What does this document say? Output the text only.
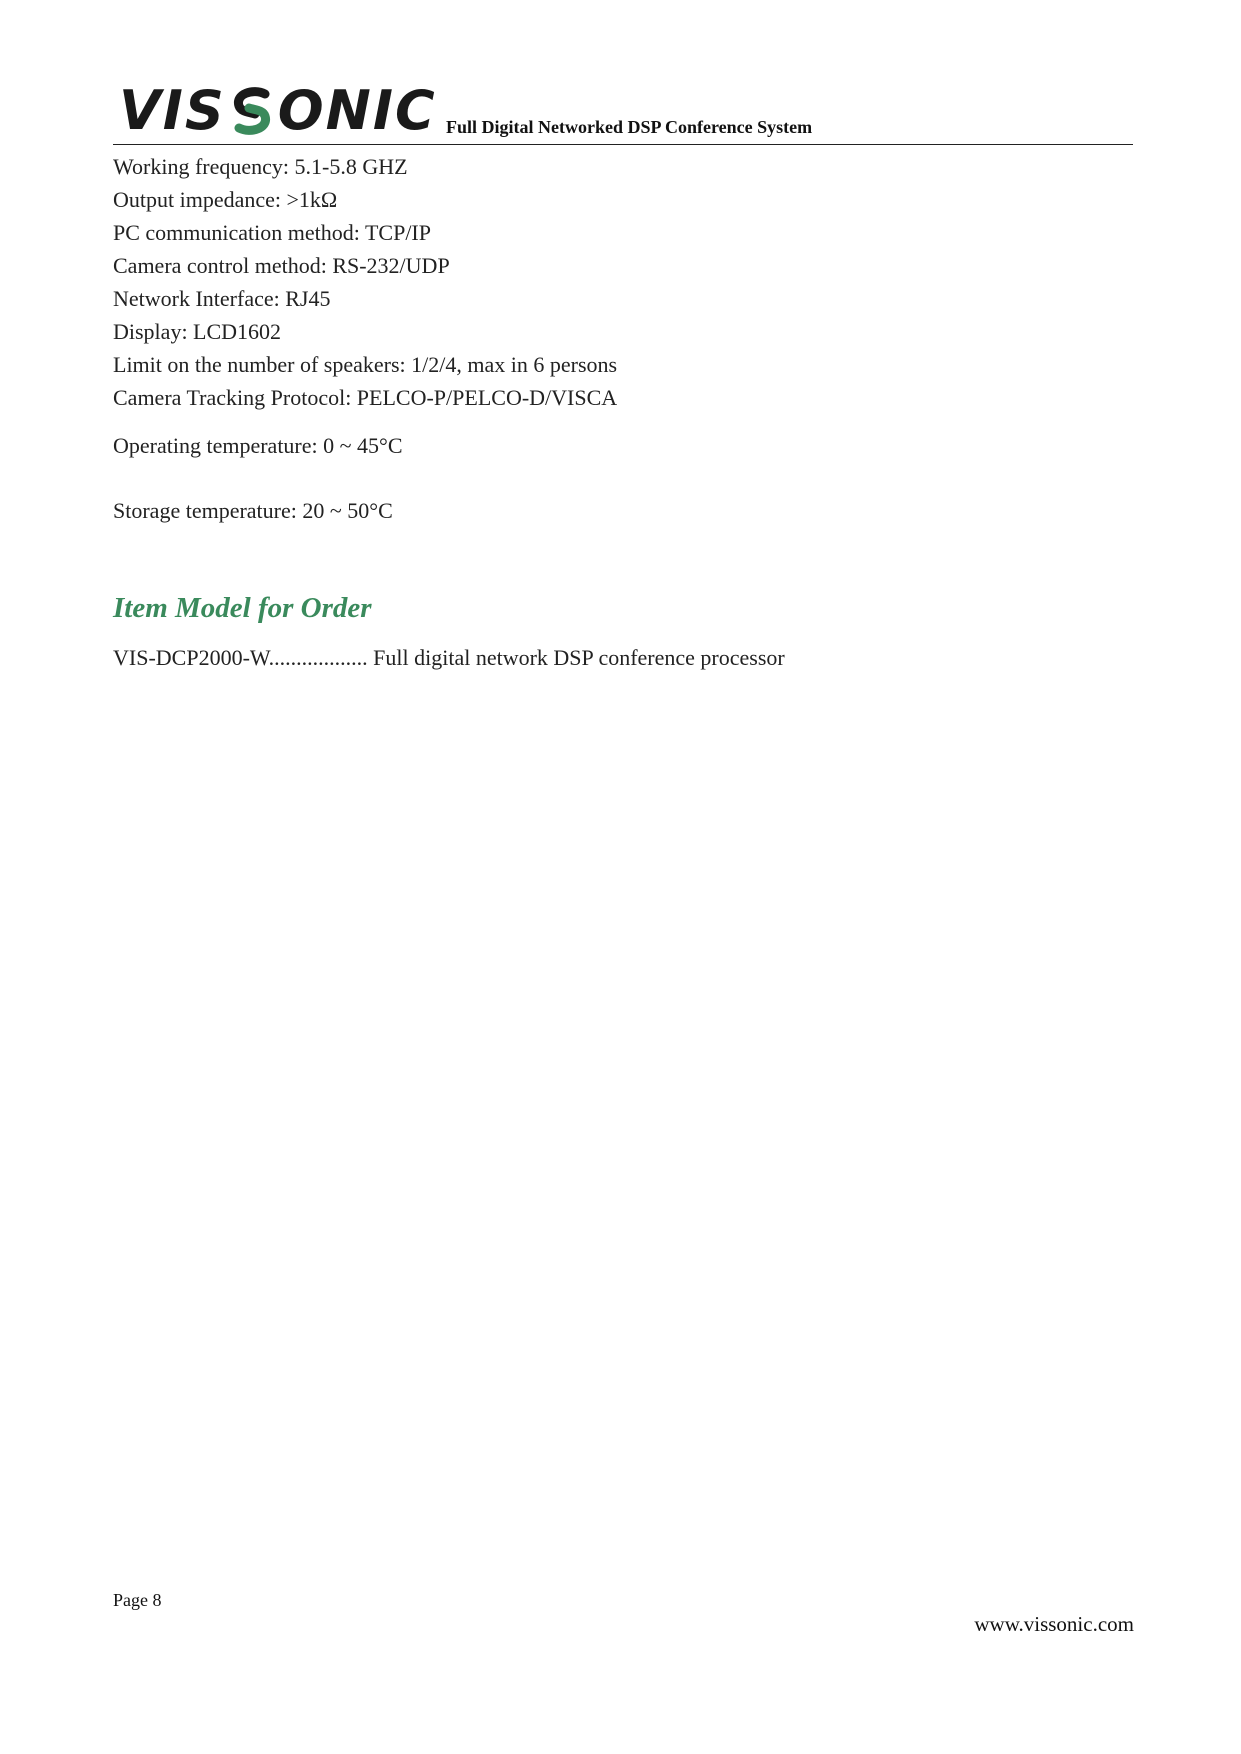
VIS ONIC Full Digital Networked DSP Conference System
Working frequency: 5.1-5.8 GHZ
Output impedance: >1kΩ
PC communication method: TCP/IP
Camera control method: RS-232/UDP
Network Interface: RJ45
Display: LCD1602
Limit on the number of speakers: 1/2/4, max in 6 persons
Camera Tracking Protocol: PELCO-P/PELCO-D/VISCA
Operating temperature: 0 ~ 45°C
Storage temperature: 20 ~ 50°C
Item Model for Order
VIS-DCP2000-W.................. Full digital network DSP conference processor
Page 8
www.vissonic.com
